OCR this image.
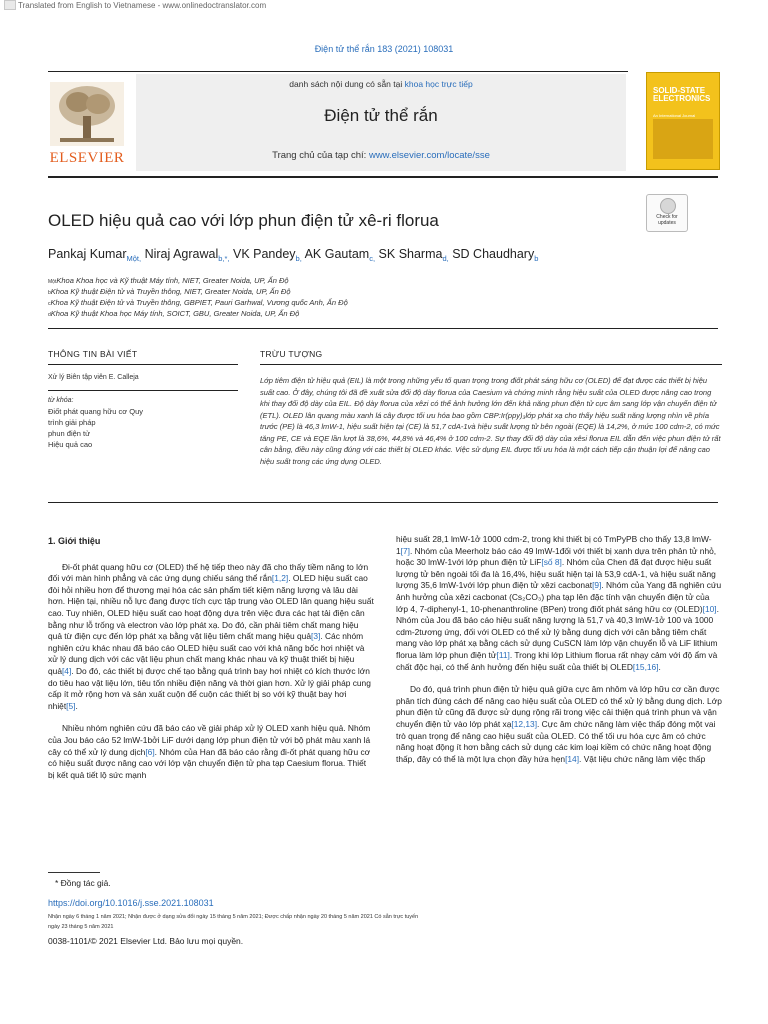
Translated from English to Vietnamese - www.onlinedoctranslator.com
Điện tử thể rắn 183 (2021) 108031
ELSEVIER
danh sách nội dung có sẵn tại khoa học trực tiếp
Điện tử thể rắn
Trang chủ của tạp chí: www.elsevier.com/locate/sse
SOLID-STATE ELECTRONICS
An International Journal
OLED hiệu quả cao với lớp phun điện tử xê-ri florua	Check for updates
Pankaj Kumar$^{Một,}$ Niraj Agrawal$^{b,*,}$ VK Pandey$^{b,}$ AK Gautam$^{c,}$ SK Sharma$^{d,}$ SD Chaudhary$^b$
MộtKhoa Khoa học và Kỹ thuật Máy tính, NIET, Greater Noida, UP, Ấn Độ
bKhoa Kỹ thuật Điện tử và Truyền thông, NIET, Greater Noida, UP, Ấn Độ
cKhoa Kỹ thuật Điện tử và Truyền thông, GBPIET, Pauri Garhwal, Vương quốc Anh, Ấn Độ
dKhoa Kỹ thuật Khoa học Máy tính, SOICT, GBU, Greater Noida, UP, Ấn Độ
THÔNG TIN BÀI VIẾT
Xử lý Biên tập viên E. Calleja
từ khóa:
Điốt phát quang hữu cơ Quy
trình giải pháp
phun điện tử
Hiệu quả cao
TRỪU TƯỢNG
Lớp tiêm điện tử hiệu quả (EIL) là một trong những yếu tố quan trọng trong điốt phát sáng hữu cơ (OLED) để đạt được các thiết bị hiệu suất cao. Ở đây, chúng tôi đã đề xuất sửa đổi độ dày florua của Caesium và chứng minh rằng hiệu suất của OLED được nâng cao trong khi thay đổi độ dày của EIL. Độ dày florua của xêzi có thể ảnh hưởng lớn đến khả năng phun điện tử cực âm sang lớp vận chuyển điện tử (ETL). OLED lân quang màu xanh lá cây được tối ưu hóa bao gồm CBP:Ir(ppy)₃lớp phát xạ cho thấy hiệu suất năng lượng nhìn về phía trước (PE) là 46,3 lmW-1, hiệu suất hiện tại (CE) là 51,7 cdA-1và hiệu suất lượng tử bên ngoài (EQE) là 14,2%, ở mức 100 cdm-2, có mức tăng PE, CE và EQE lần lượt là 38,6%, 44,8% và 46,4% ở 100 cdm-2. Sự thay đổi độ dày của xêsi florua EIL dẫn đến việc phun điện tử rất cân bằng, điều này cũng đúng với các thiết bị OLED khác. Việc sử dụng EIL được tối ưu hóa là một cách tiếp cận thuận lợi để nâng cao hiệu suất trong các ứng dụng OLED.
1. Giới thiệu

Đi-ốt phát quang hữu cơ (OLED) thế hệ tiếp theo này đã cho thấy tiềm năng to lớn đối với màn hình phẳng và các ứng dụng chiếu sáng thể rắn[1,2]. OLED hiệu suất cao đòi hỏi nhiều hơn để thương mại hóa các sản phẩm tiết kiệm năng lượng và lâu dài hơn. Hiện tại, nhiều nỗ lực đang được tích cực tập trung vào OLED lân quang hiệu suất cao. Tuy nhiên, OLED hiệu suất cao hoạt động dựa trên việc đưa các hạt tải điện cân bằng như lỗ trống và electron vào lớp phát xạ. Do đó, cần phải tiêm chất mang hiệu quả từ điện cực đến lớp phát xạ bằng vật liệu tiêm chất mang hiệu quả[3]. Các nhóm nghiên cứu khác nhau đã báo cáo OLED hiệu suất cao với khả năng bốc hơi nhiệt và xử lý dung dịch với các vật liệu phun chất mang khác nhau và kỹ thuật thiết bị hiệu quả[4]. Do đó, các thiết bị được chế tạo bằng quá trình bay hơi nhiệt có kích thước lớn do tiêu hao vật liệu lớn, tiêu tốn nhiều điện năng và thời gian hơn. Xử lý giải pháp cung cấp ít mở rộng hơn và sản xuất cuộn để cuộn các thiết bị so với kỹ thuật bay hơi nhiệt[5].

Nhiều nhóm nghiên cứu đã báo cáo về giải pháp xử lý OLED xanh hiệu quả. Nhóm của Jou báo cáo 52 lmW-1bởi LiF dưới dạng lớp phun điện tử với bộ phát màu xanh lá cây có thể xử lý dung dịch[6]. Nhóm của Han đã báo cáo rằng đi-ốt phát quang hữu cơ có hiệu suất được nâng cao với lớp vận chuyển điện tử pha tạp Caesium florua. Thiết bị kết quả tiết lộ sức mạnh

hiệu suất 28,1 lmW-1ở 1000 cdm-2, trong khi thiết bị có TmPyPB cho thấy 13,8 lmW-1[7]. Nhóm của Meerholz báo cáo 49 lmW-1đối với thiết bị xanh dựa trên phản tử nhỏ, hoặc 30 lmW-1với lớp phun điện tử LiF[số 8]. Nhóm của Chen đã đạt được hiệu suất lượng tử bên ngoài tối đa là 16,4%, hiệu suất hiện tại là 53,9 cdA-1, và hiệu suất năng lượng 35,6 lmW-1với lớp phun điện tử xêzi cacbonat[9]. Nhóm của Yang đã nghiên cứu ảnh hưởng của xêzi cacbonat (Cs₂CO₃) pha tạp lên đặc tính vận chuyển điện tử của lớp 4, 7-diphenyl-1, 10-phenanthroline (BPen) trong điốt phát sáng hữu cơ (OLED)[10]. Nhóm của Jou đã báo cáo hiệu suất năng lượng là 51,7 và 40,3 lmW-1ở 100 và 1000 cdm-2tương ứng, đối với OLED có thể xử lý bằng dung dịch với cân bằng tiêm chất mang vào lớp phát xạ bằng cách sử dụng CuSCN làm lớp vận chuyển lỗ và LiF lithium florua làm lớp phun điện tử[11]. Trong khi lớp Lithium florua rất nhạy cảm với độ ẩm và chất độc hại, có thể ảnh hưởng đến hiệu suất của thiết bị OLED[15,16].

Do đó, quá trình phun điện tử hiệu quả giữa cực âm nhôm và lớp hữu cơ cần được phân tích đúng cách để nâng cao hiệu suất của OLED có thể xử lý bằng dung dịch. Lớp phun điện tử cũng đã được sử dụng rộng rãi trong việc cải thiện quá trình phun và vận chuyển điện tử vào lớp phát xạ[12,13]. Cực âm chức năng làm việc thấp đóng một vai trò quan trọng để nâng cao hiệu suất của OLED. Có thể tối ưu hóa cực âm có chức năng hoạt động ít hơn bằng cách sử dụng các kim loại kiềm có chức năng hoạt động thấp, đây có thể là một lựa chọn đầy hứa hẹn[14]. Vật liệu chức năng làm việc thấp

* Đồng tác giả.
https://doi.org/10.1016/j.sse.2021.108031
Nhận ngày 6 tháng 1 năm 2021; Nhận được ở dạng sửa đổi ngày 15 tháng 5 năm 2021; Được chấp nhận ngày 20 tháng 5 năm 2021 Có sẵn trực tuyến ngày 23 tháng 5 năm 2021
0038-1101/© 2021 Elsevier Ltd. Bảo lưu mọi quyền.
